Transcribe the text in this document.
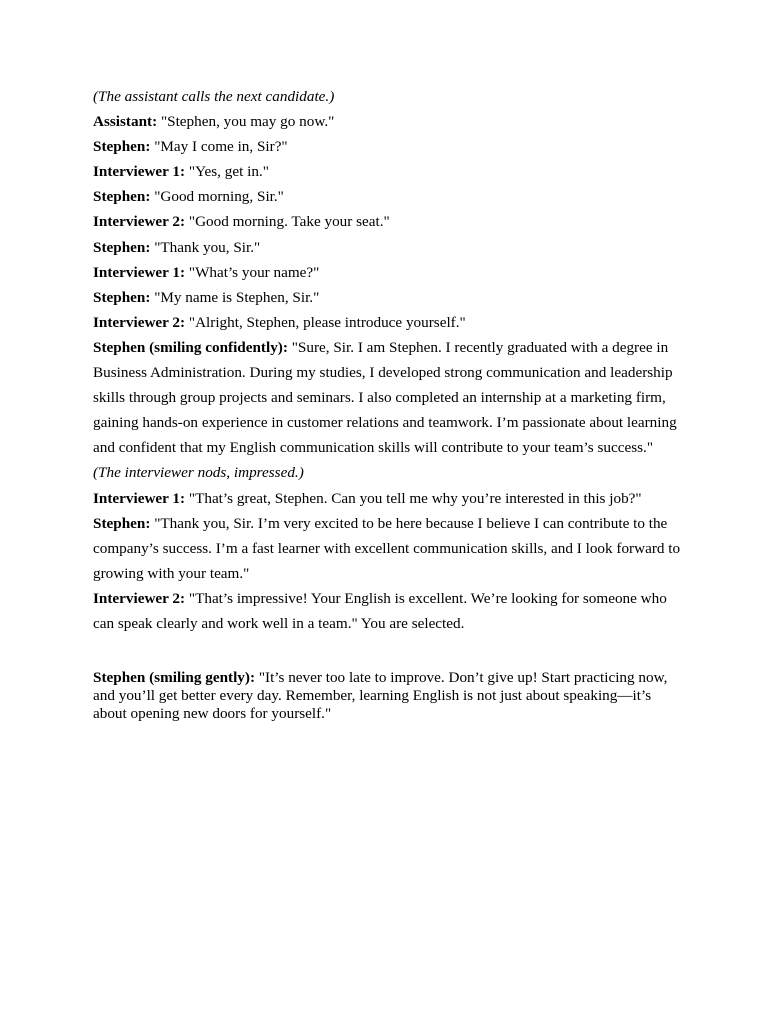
(The assistant calls the next candidate.)

Assistant: "Stephen, you may go now."

Stephen: "May I come in, Sir?"

Interviewer 1: "Yes, get in."

Stephen: "Good morning, Sir."

Interviewer 2: "Good morning. Take your seat."

Stephen: "Thank you, Sir."

Interviewer 1: "What’s your name?"

Stephen: "My name is Stephen, Sir."

Interviewer 2: "Alright, Stephen, please introduce yourself."

Stephen (smiling confidently): "Sure, Sir. I am Stephen. I recently graduated with a degree in Business Administration. During my studies, I developed strong communication and leadership skills through group projects and seminars. I also completed an internship at a marketing firm, gaining hands-on experience in customer relations and teamwork. I’m passionate about learning and confident that my English communication skills will contribute to your team’s success."

(The interviewer nods, impressed.)

Interviewer 1: "That’s great, Stephen. Can you tell me why you’re interested in this job?"

Stephen: "Thank you, Sir. I’m very excited to be here because I believe I can contribute to the company’s success. I’m a fast learner with excellent communication skills, and I look forward to growing with your team."

Interviewer 2: "That’s impressive! Your English is excellent. We’re looking for someone who can speak clearly and work well in a team." You are selected.

Stephen (smiling gently): "It’s never too late to improve. Don’t give up! Start practicing now, and you’ll get better every day. Remember, learning English is not just about speaking—it’s about opening new doors for yourself."
